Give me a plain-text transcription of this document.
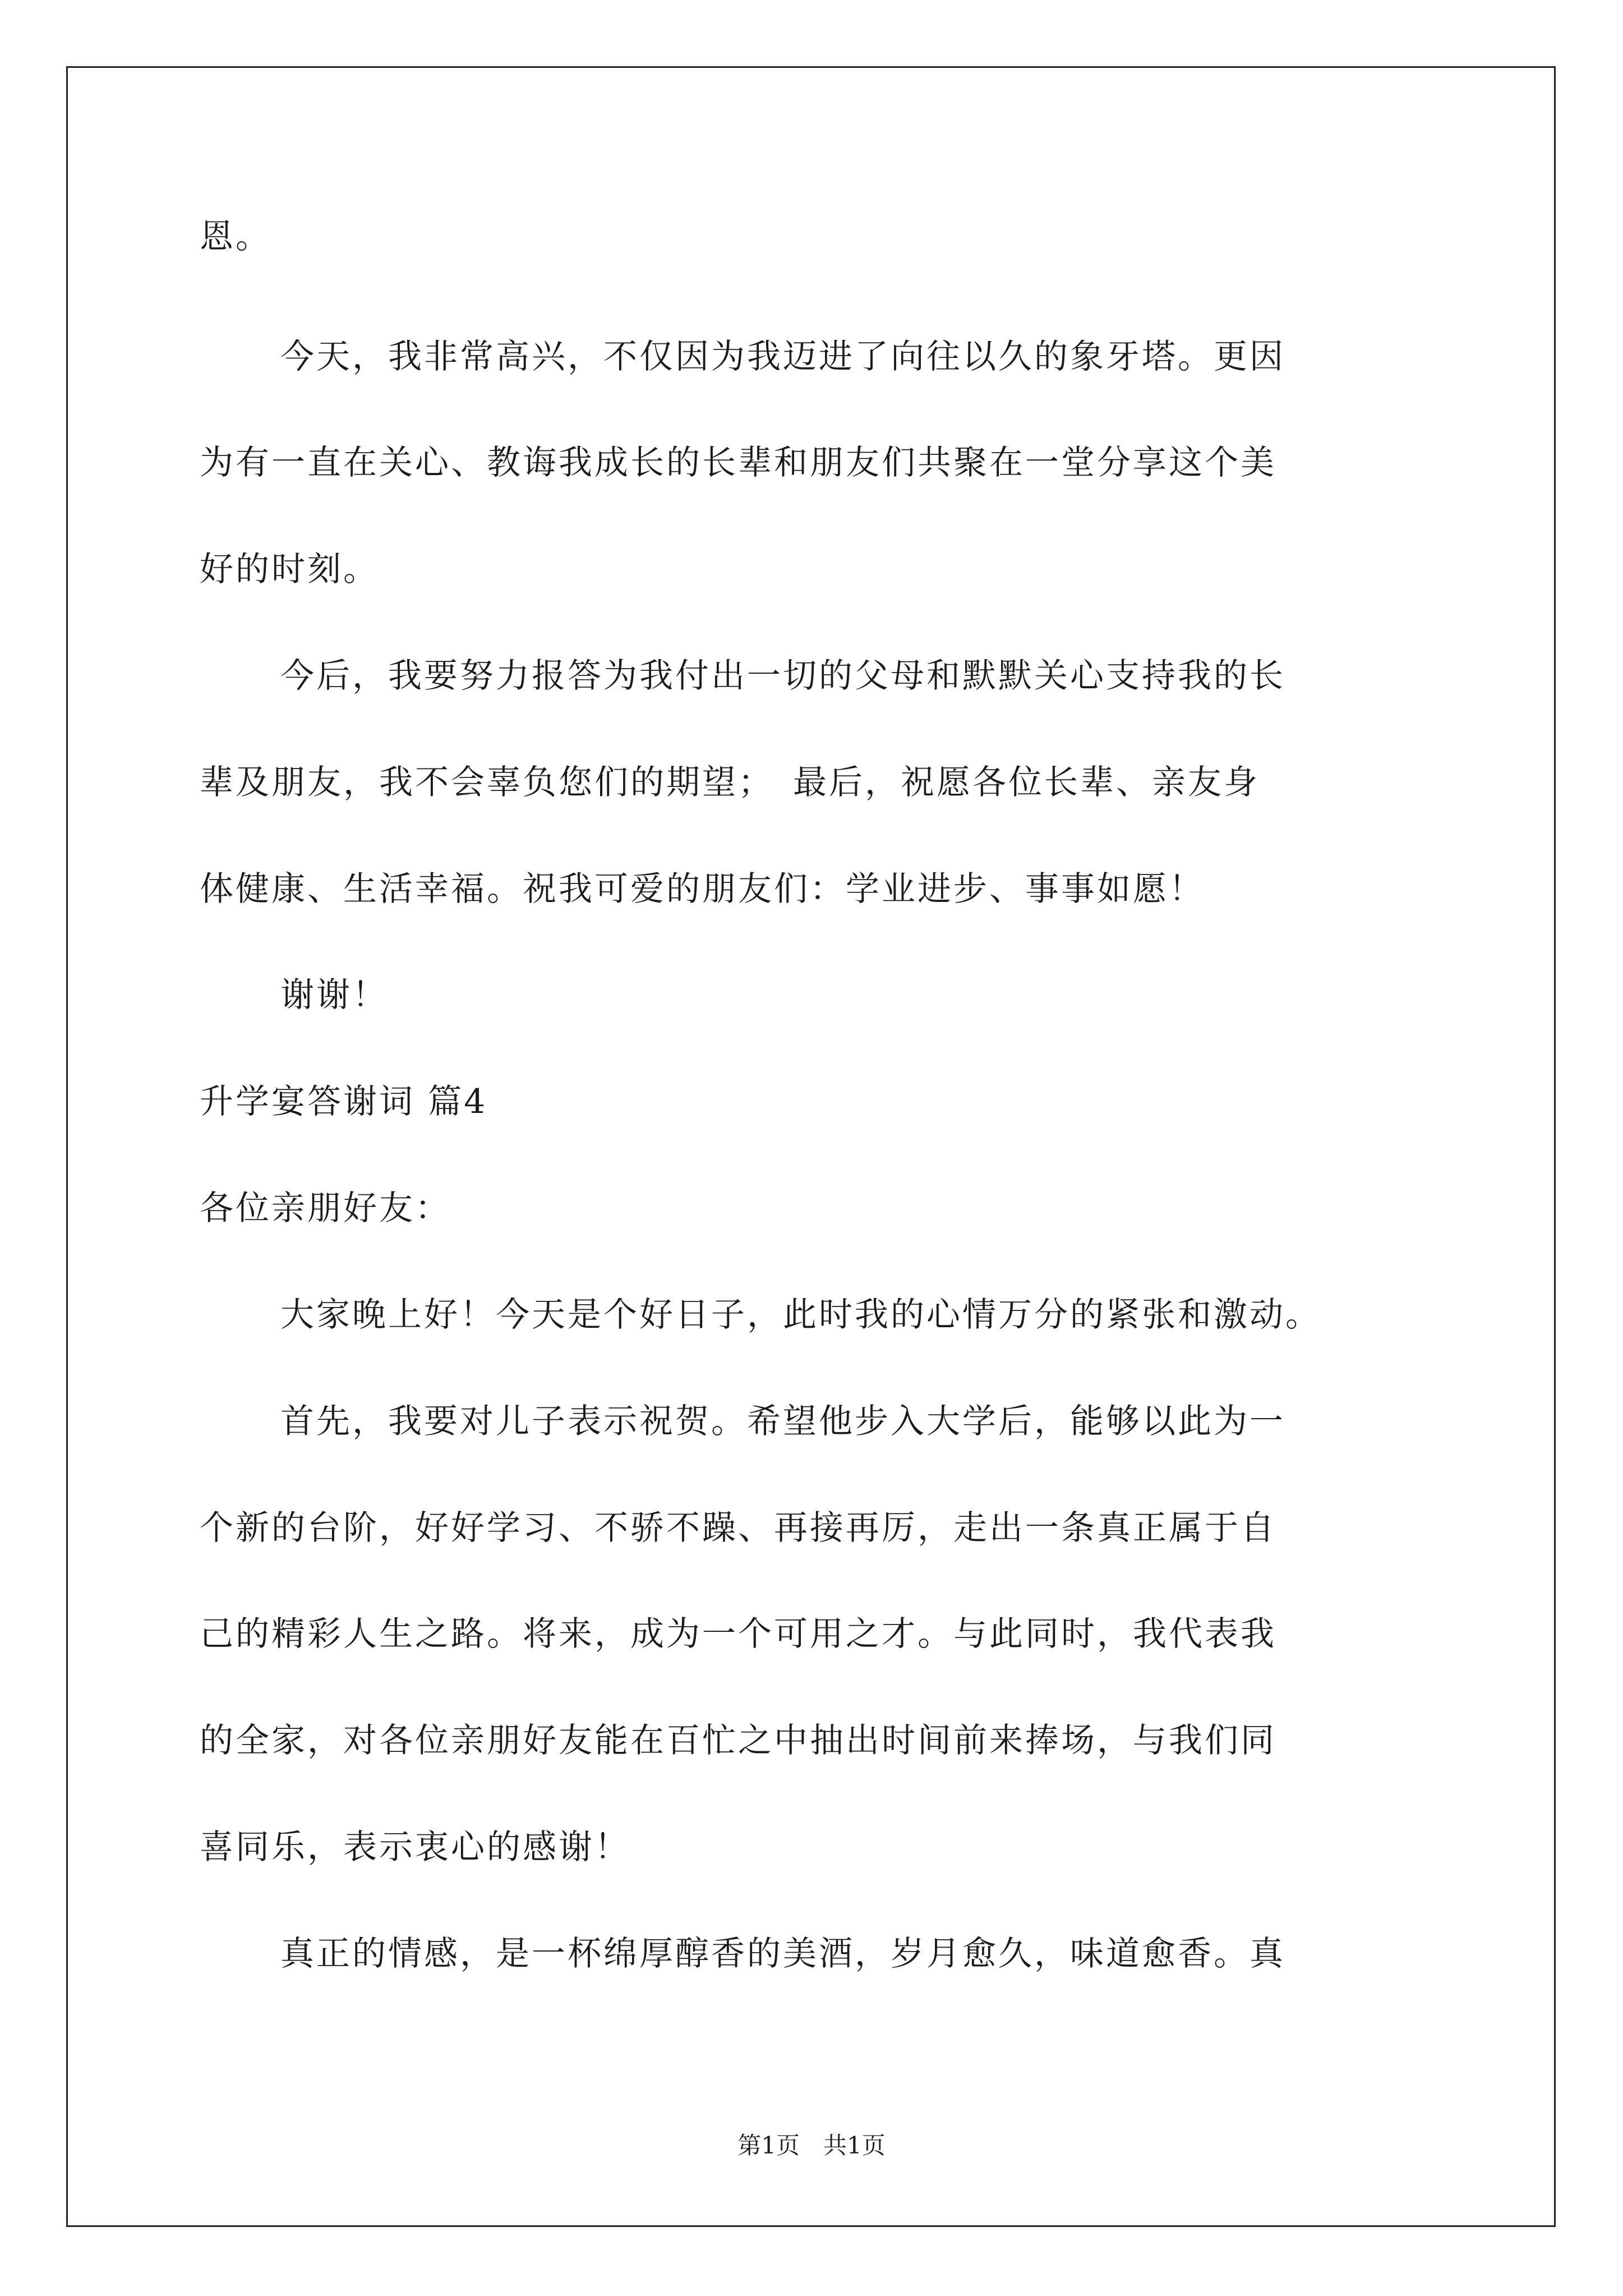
恩。
今天，我非常高兴，不仅因为我迈进了向往以久的象牙塔。更因
为有一直在关心、教诲我成长的长辈和朋友们共聚在一堂分享这个美
好的时刻。
今后，我要努力报答为我付出一切的父母和默默关心支持我的长
辈及朋友，我不会辜负您们的期望；　最后，祝愿各位长辈、亲友身
体健康、生活幸福。祝我可爱的朋友们：学业进步、事事如愿！
谢谢！
升学宴答谢词 篇4
各位亲朋好友：
大家晚上好！今天是个好日子，此时我的心情万分的紧张和激动。
首先，我要对儿子表示祝贺。希望他步入大学后，能够以此为一
个新的台阶，好好学习、不骄不躁、再接再厉，走出一条真正属于自
己的精彩人生之路。将来，成为一个可用之才。与此同时，我代表我
的全家，对各位亲朋好友能在百忙之中抽出时间前来捧场，与我们同
喜同乐，表示衷心的感谢！
真正的情感，是一杯绵厚醇香的美酒，岁月愈久，味道愈香。真
第1页　共1页
